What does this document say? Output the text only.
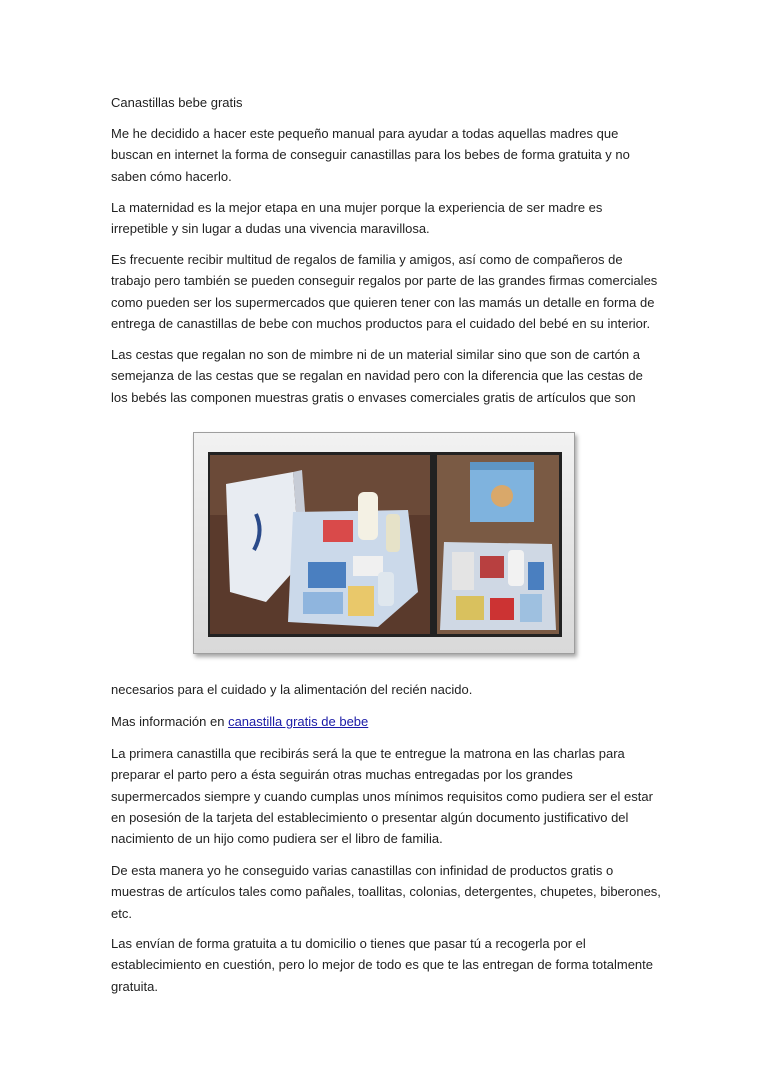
Canastillas bebe gratis

Me he decidido a hacer este pequeño manual para ayudar a todas aquellas madres que buscan en internet la forma de conseguir canastillas para los bebes de forma gratuita y no saben cómo hacerlo.

La maternidad es la mejor etapa en una mujer porque la experiencia de ser madre es irrepetible y sin lugar a dudas una vivencia maravillosa.

Es frecuente recibir multitud de regalos de familia y amigos, así como de compañeros de trabajo pero también se pueden conseguir regalos por parte de las grandes firmas comerciales como pueden ser los supermercados que quieren tener con las mamás un detalle en forma de entrega de canastillas de bebe con muchos productos para el cuidado del bebé en su interior.

Las cestas que regalan no son de mimbre ni de un material similar sino que son de cartón a semejanza de las cestas que se regalan en navidad pero con la diferencia que las cestas de los bebés las componen muestras gratis o envases comerciales gratis de artículos que son

necesarios para el cuidado y la alimentación del recién nacido.

Mas información en canastilla gratis de bebe

La primera canastilla que recibirás será la que te entregue la matrona en las charlas para preparar el parto pero a ésta seguirán otras muchas entregadas por los grandes supermercados siempre y cuando cumplas unos mínimos requisitos como pudiera ser el estar en posesión de la tarjeta del establecimiento o presentar algún documento justificativo del nacimiento de un hijo como pudiera ser el libro de familia.

De esta manera yo he conseguido varias canastillas con infinidad de productos gratis o muestras de artículos tales como pañales, toallitas, colonias, detergentes, chupetes, biberones, etc.

Las envían de forma gratuita a tu domicilio o tienes que pasar tú a recogerla por el establecimiento en cuestión, pero lo mejor de todo es que te las entregan de forma totalmente gratuita.
